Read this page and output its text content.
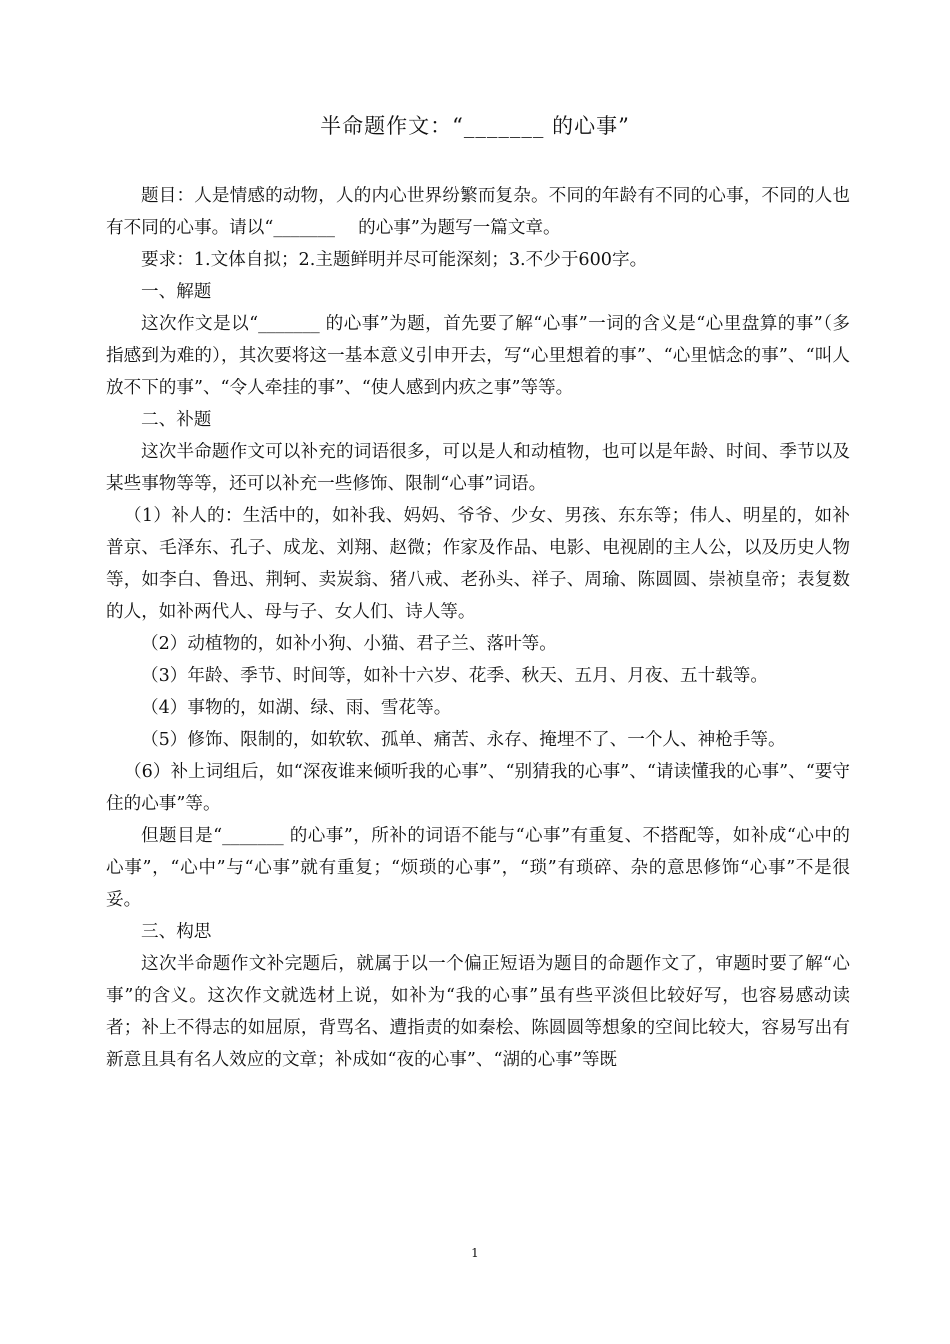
半命题作文：“_______ 的心事”

题目：人是情感的动物，人的内心世界纷繁而复杂。不同的年龄有不同的心事，不同的人也有不同的心事。请以“_______　 的心事”为题写一篇文章。

要求：1.文体自拟；2.主题鲜明并尽可能深刻；3.不少于600字。

一、解题

这次作文是以“_______ 的心事”为题，首先要了解“心事”一词的含义是“心里盘算的事”（多指感到为难的），其次要将这一基本意义引申开去，写“心里想着的事”、“心里惦念的事”、“叫人放不下的事”、“令人牵挂的事”、“使人感到内疚之事”等等。

二、补题

这次半命题作文可以补充的词语很多，可以是人和动植物，也可以是年龄、时间、季节以及某些事物等等，还可以补充一些修饰、限制“心事”词语。

（1）补人的：生活中的，如补我、妈妈、爷爷、少女、男孩、东东等；伟人、明星的，如补普京、毛泽东、孔子、成龙、刘翔、赵微；作家及作品、电影、电视剧的主人公，以及历史人物等，如李白、鲁迅、荆轲、卖炭翁、猪八戒、老孙头、祥子、周瑜、陈圆圆、崇祯皇帝；表复数的人，如补两代人、母与子、女人们、诗人等。

（2）动植物的，如补小狗、小猫、君子兰、落叶等。

（3）年龄、季节、时间等，如补十六岁、花季、秋天、五月、月夜、五十载等。

（4）事物的，如湖、绿、雨、雪花等。

（5）修饰、限制的，如软软、孤单、痛苦、永存、掩埋不了、一个人、神枪手等。

（6）补上词组后，如“深夜谁来倾听我的心事”、“别猜我的心事”、“请读懂我的心事”、“要守住的心事”等。

但题目是“_______ 的心事”，所补的词语不能与“心事”有重复、不搭配等，如补成“心中的心事”，“心中”与“心事”就有重复；“烦琐的心事”，“琐”有琐碎、杂的意思修饰“心事”不是很妥。

三、构思

这次半命题作文补完题后，就属于以一个偏正短语为题目的命题作文了，审题时要了解“心事”的含义。这次作文就选材上说，如补为“我的心事”虽有些平淡但比较好写，也容易感动读者；补上不得志的如屈原，背骂名、遭指责的如秦桧、陈圆圆等想象的空间比较大，容易写出有新意且具有名人效应的文章；补成如“夜的心事”、“湖的心事”等既

1
